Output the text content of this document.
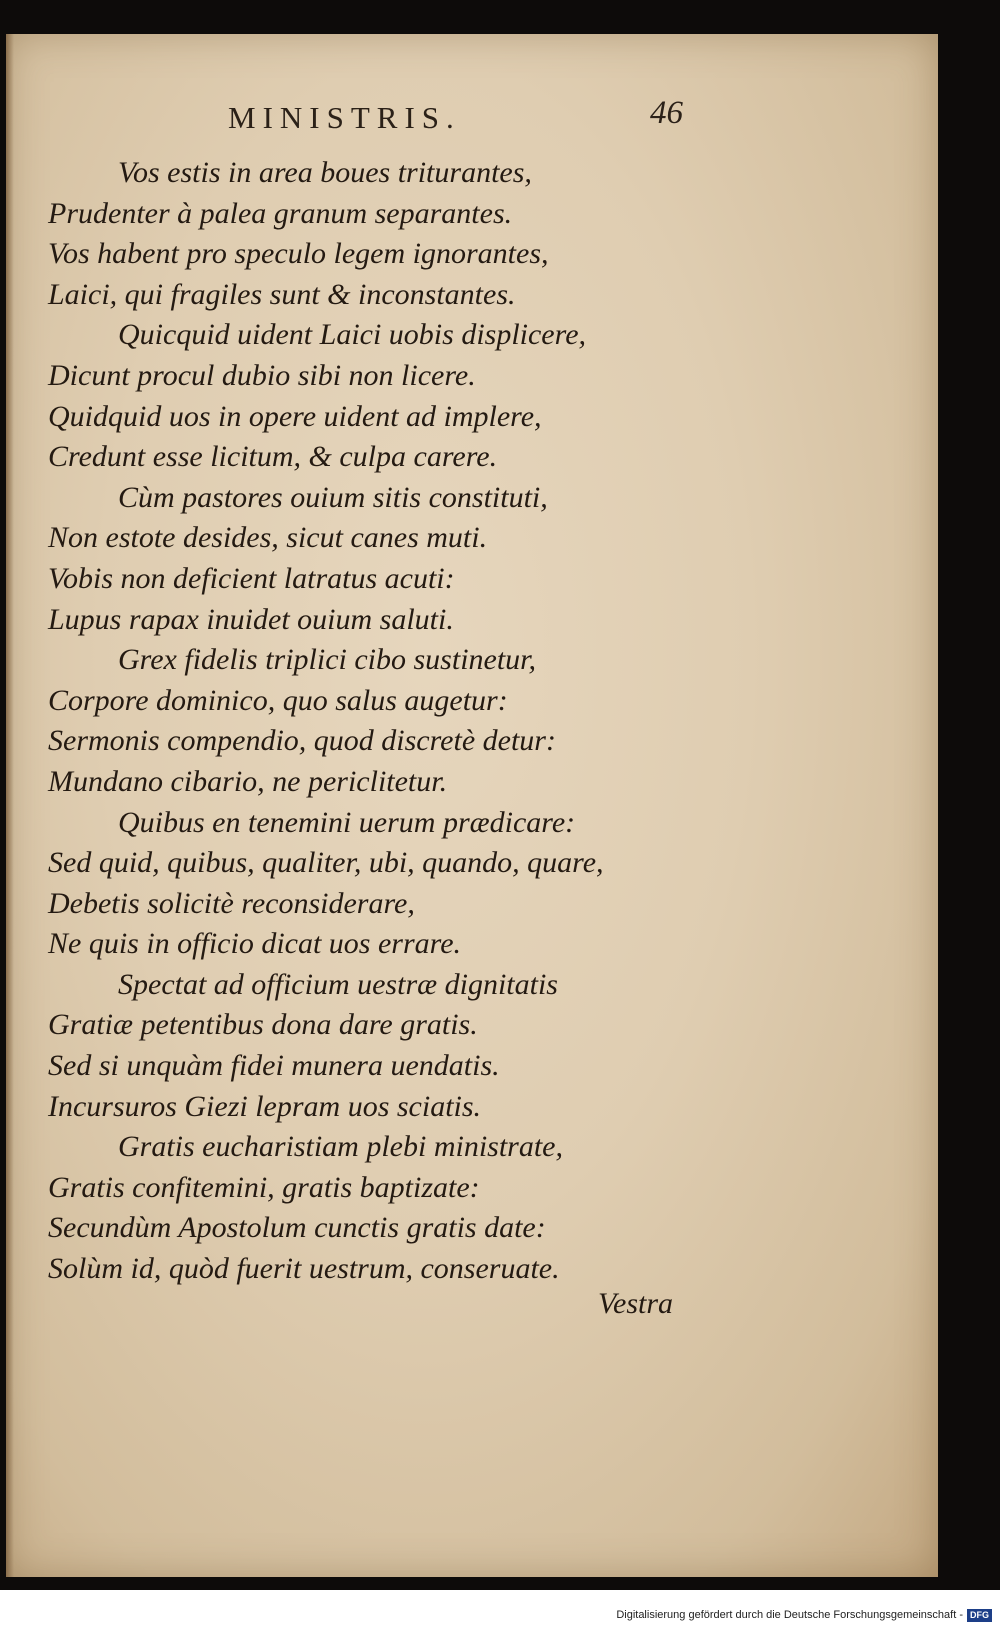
MINISTRIS.	46
Vos estis in area boues triturantes,
Prudenter à palea granum separantes.
Vos habent pro speculo legem ignorantes,
Laici, qui fragiles sunt & inconstantes.
Quicquid uident Laici uobis displicere,
Dicunt procul dubio sibi non licere.
Quidquid uos in opere uident ad implere,
Credunt esse licitum, & culpa carere.
Cùm pastores ouium sitis constituti,
Non estote desides, sicut canes muti.
Vobis non deficient latratus acuti:
Lupus rapax inuidet ouium saluti.
Grex fidelis triplici cibo sustinetur,
Corpore dominico, quo salus augetur:
Sermonis compendio, quod discretè detur:
Mundano cibario, ne periclitetur.
Quibus en tenemini uerum prædicare:
Sed quid, quibus, qualiter, ubi, quando, quare,
Debetis solicitè reconsiderare,
Ne quis in officio dicat uos errare.
Spectat ad officium uestræ dignitatis
Gratiæ petentibus dona dare gratis.
Sed si unquàm fidei munera uendatis.
Incursuros Giezi lepram uos sciatis.
Gratis eucharistiam plebi ministrate,
Gratis confitemini, gratis baptizate:
Secundùm Apostolum cunctis gratis date:
Solùm id, quòd fuerit uestrum, conseruate.
Vestra
Digitalisierung gefördert durch die Deutsche Forschungsgemeinschaft - DFG
